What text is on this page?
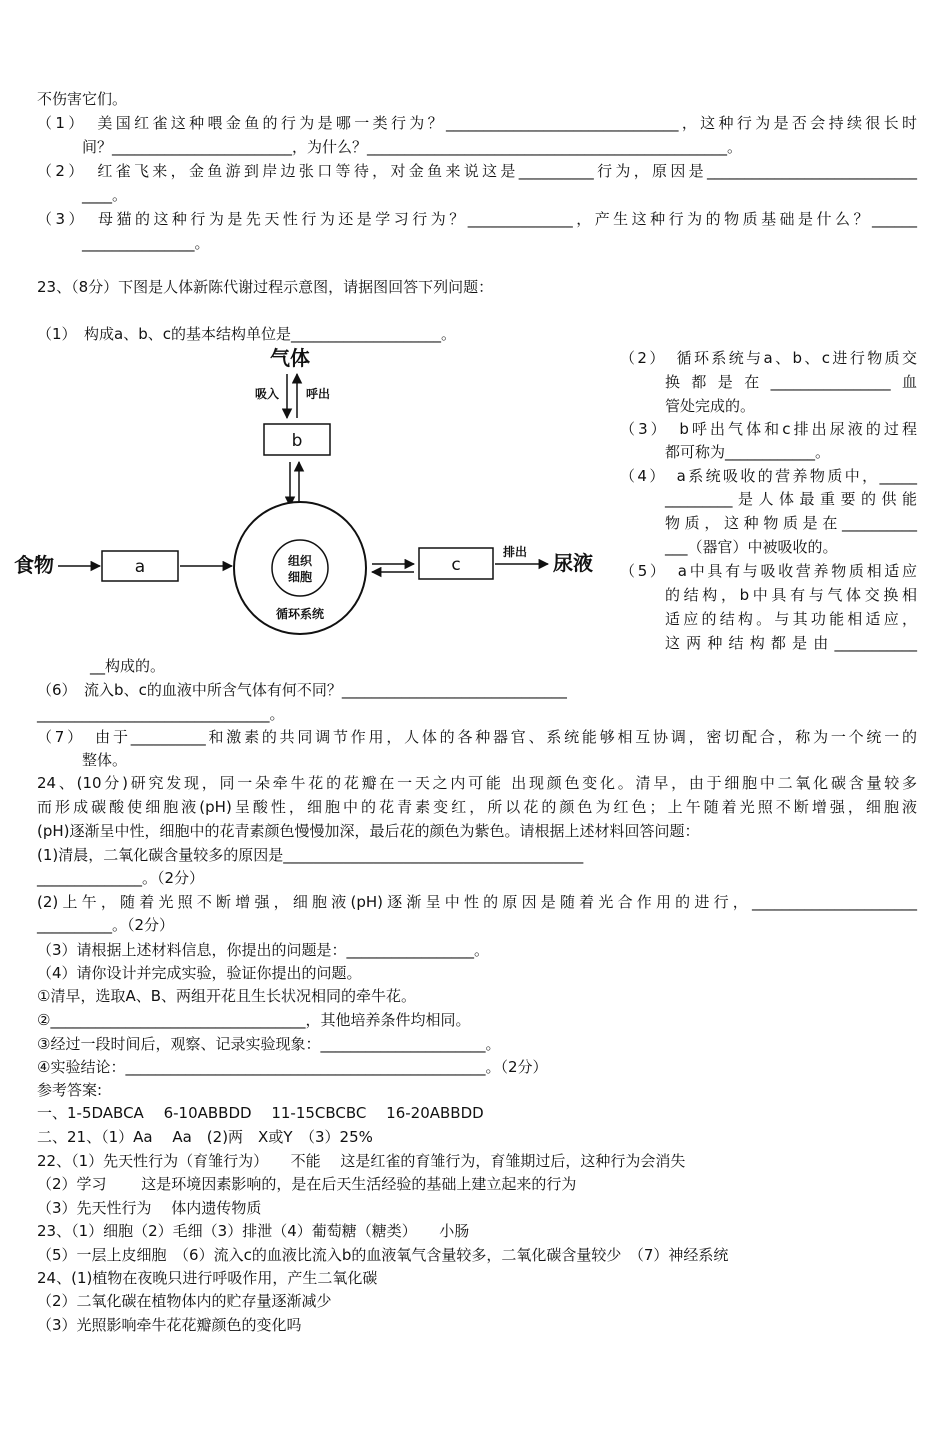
不伤害它们。
（1）　美国红雀这种喂金鱼的行为是哪一类行为？_______________________________，这种行为是否会持续很长时
间？________________________，为什么？________________________________________________。
（2）　红雀飞来，金鱼游到岸边张口等待，对金鱼来说这是__________行为，原因是____________________________
____。
（3）　母猫的这种行为是先天性行为还是学习行为？______________，产生这种行为的物质基础是什么？______
_______________。
23、（8分）下图是人体新陈代谢过程示意图，请据图回答下列问题：
（1）　构成a、b、c的基本结构单位是____________________。
（2）　循环系统与a、b、c进行物质交
换都是在________________血
管处完成的。
（3）　b呼出气体和c排出尿液的过程
都可称为____________。
（4）　a系统吸收的营养物质中，_____
_________是人体最重要的供能
物质，这种物质是在__________
___（器官）中被吸收的。
（5）　a中具有与吸收营养物质相适应
的结构，b中具有与气体交换相
适应的结构。与其功能相适应，
这两种结构都是由___________
气体
吸入 呼出
b
组织
细胞
循环系统
食物	a	c
排出 尿液
__构成的。
（6）　流入b、c的血液中所含气体有何不同？______________________________
_______________________________。
（7）　由于__________和激素的共同调节作用，人体的各种器官、系统能够相互协调，密切配合，称为一个统一的
整体。
24、(10分)研究发现，同一朵牵牛花的花瓣在一天之内可能 出现颜色变化。清早，由于细胞中二氧化碳含量较多
而形成碳酸使细胞液(pH)呈酸性，细胞中的花青素变红，所以花的颜色为红色；上午随着光照不断增强，细胞液
(pH)逐渐呈中性，细胞中的花青素颜色慢慢加深，最后花的颜色为紫色。请根据上述材料回答问题：
(1)清晨，二氧化碳含量较多的原因是________________________________________
______________。（2分）
(2)上午，随着光照不断增强，细胞液(pH)逐渐呈中性的原因是随着光合作用的进行，______________________
__________。（2分）
（3）请根据上述材料信息，你提出的问题是：_________________。
（4）请你设计并完成实验，验证你提出的问题。
①清早，选取A、B、两组开花且生长状况相同的牵牛花。
②__________________________________，其他培养条件均相同。
③经过一段时间后，观察、记录实验现象：______________________。
④实验结论：________________________________________________。（2分）
参考答案:
一、1-5DABCA　 6-10ABBDD　 11-15CBCBC　 16-20ABBDD
二、21、（1）Aa　 Aa　(2)两　X或Y　（3）25%
22、（1）先天性行为（育雏行为）　　不能　 这是红雀的育雏行为，育雏期过后，这种行为会消失
（2）学习　　 这是环境因素影响的，是在后天生活经验的基础上建立起来的行为
（3）先天性行为　 体内遗传物质
23、（1）细胞（2）毛细（3）排泄（4）葡萄糖（糖类）　　小肠
（5）一层上皮细胞　（6）流入c的血液比流入b的血液氧气含量较多，二氧化碳含量较少　（7）神经系统
24、(1)植物在夜晚只进行呼吸作用，产生二氧化碳
（2）二氧化碳在植物体内的贮存量逐渐减少
（3）光照影响牵牛花花瓣颜色的变化吗
